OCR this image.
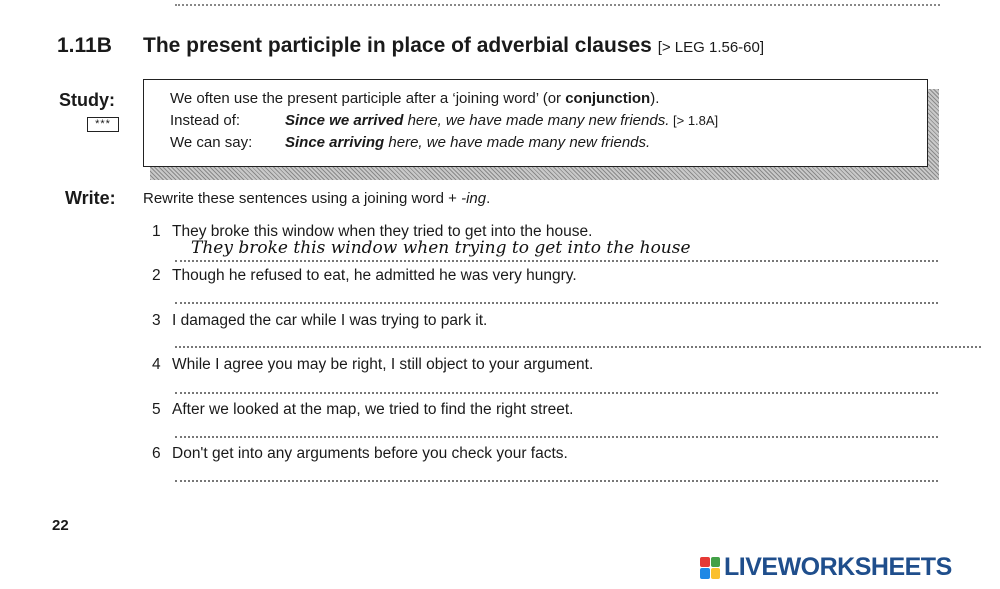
1.11B The present participle in place of adverbial clauses [> LEG 1.56-60]
Study:
***
We often use the present participle after a ‘joining word’ (or conjunction).
Instead of:	Since we arrived here, we have made many new friends. [> 1.8A]
We can say: Since arriving here, we have made many new friends.
Write: Rewrite these sentences using a joining word + -ing.
1 They broke this window when they tried to get into the house.
They broke this window when trying to get into the house
2 Though he refused to eat, he admitted he was very hungry.
3 I damaged the car while I was trying to park it.
4 While I agree you may be right, I still object to your argument.
5 After we looked at the map, we tried to find the right street.
6 Don't get into any arguments before you check your facts.
22
LIVEWORKSHEETS
